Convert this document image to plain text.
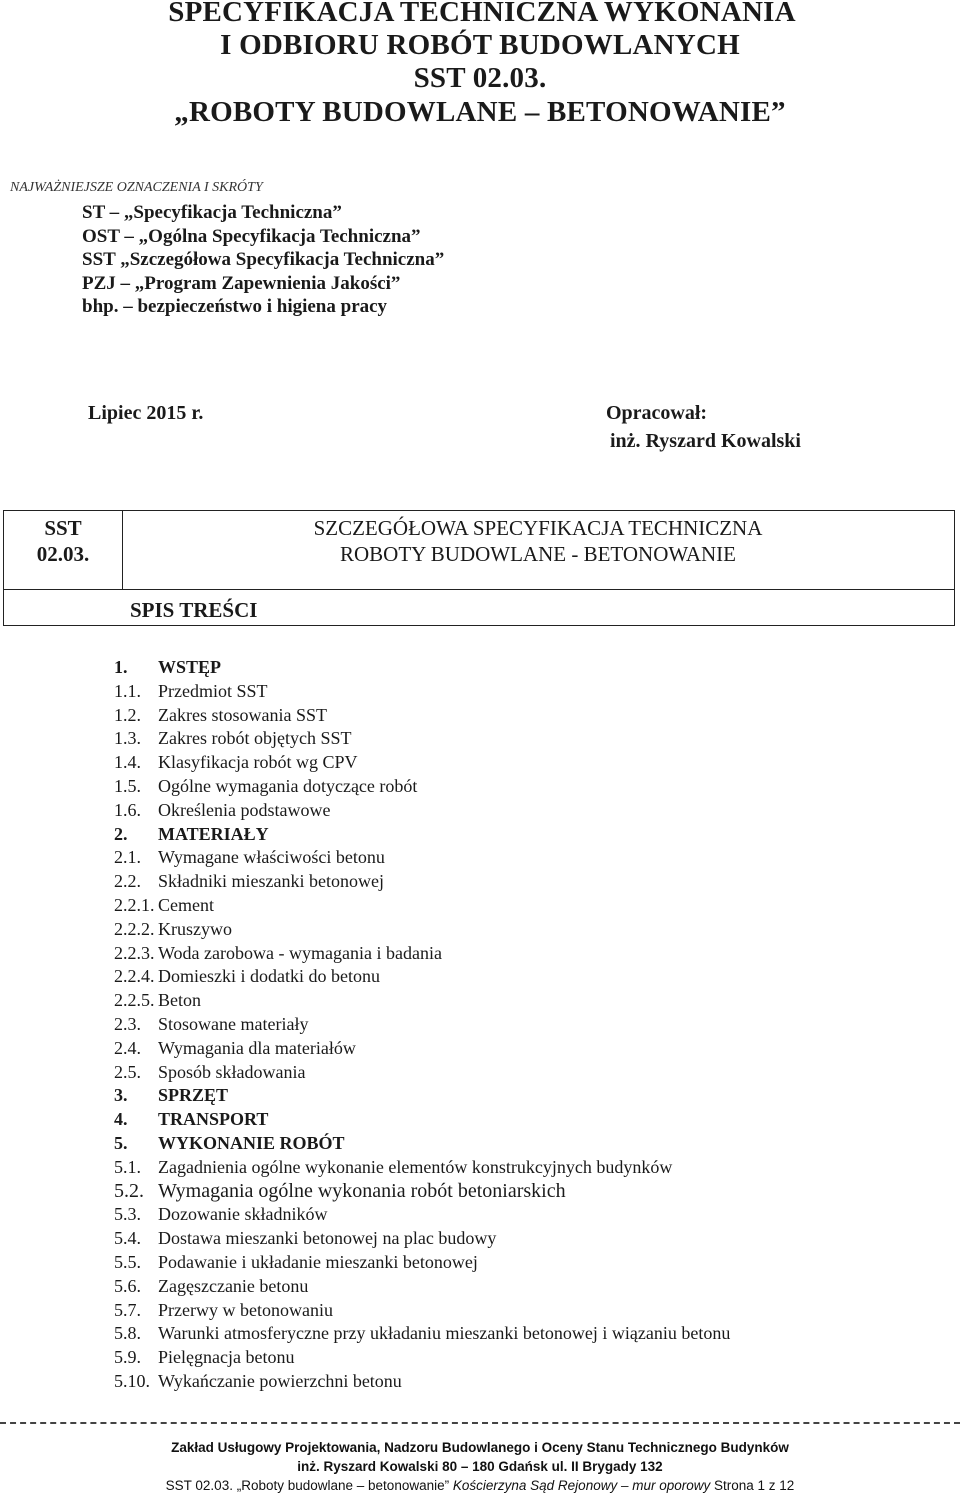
SPECYFIKACJA TECHNICZNA WYKONANIA
I ODBIORU ROBÓT BUDOWLANYCH
SST 02.03.
„ROBOTY BUDOWLANE – BETONOWANIE”
NAJWAŻNIEJSZE OZNACZENIA I SKRÓTY
ST – „Specyfikacja Techniczna”
OST – „Ogólna Specyfikacja Techniczna”
SST „Szczegółowa Specyfikacja Techniczna”
PZJ – „Program Zapewnienia Jakości”
bhp. – bezpieczeństwo i higiena pracy
Lipiec 2015 r.	Opracował:
inż. Ryszard Kowalski
SST
02.03.
SZCZEGÓŁOWA SPECYFIKACJA TECHNICZNA
ROBOTY BUDOWLANE - BETONOWANIE
SPIS TREŚCI
1. WSTĘP
1.1. Przedmiot SST
1.2. Zakres stosowania SST
1.3. Zakres robót objętych SST
1.4. Klasyfikacja robót wg CPV
1.5. Ogólne wymagania dotyczące robót
1.6. Określenia podstawowe
2. MATERIAŁY
2.1. Wymagane właściwości betonu
2.2. Składniki mieszanki betonowej
2.2.1. Cement
2.2.2. Kruszywo
2.2.3. Woda zarobowa - wymagania i badania
2.2.4. Domieszki i dodatki do betonu
2.2.5. Beton
2.3. Stosowane materiały
2.4. Wymagania dla materiałów
2.5. Sposób składowania
3. SPRZĘT
4. TRANSPORT
5. WYKONANIE ROBÓT
5.1. Zagadnienia ogólne wykonanie elementów konstrukcyjnych budynków
5.2. Wymagania ogólne wykonania robót betoniarskich
5.3. Dozowanie składników
5.4. Dostawa mieszanki betonowej na plac budowy
5.5. Podawanie i układanie mieszanki betonowej
5.6. Zagęszczanie betonu
5.7. Przerwy w betonowaniu
5.8. Warunki atmosferyczne przy układaniu mieszanki betonowej i wiązaniu betonu
5.9. Pielęgnacja betonu
5.10. Wykańczanie powierzchni betonu
Zakład Usługowy Projektowania, Nadzoru Budowlanego i Oceny Stanu Technicznego Budynków
inż. Ryszard Kowalski 80 – 180 Gdańsk ul. II Brygady 132
SST 02.03. „Roboty budowlane – betonowanie” Kościerzyna Sąd Rejonowy – mur oporowy Strona 1 z 12
